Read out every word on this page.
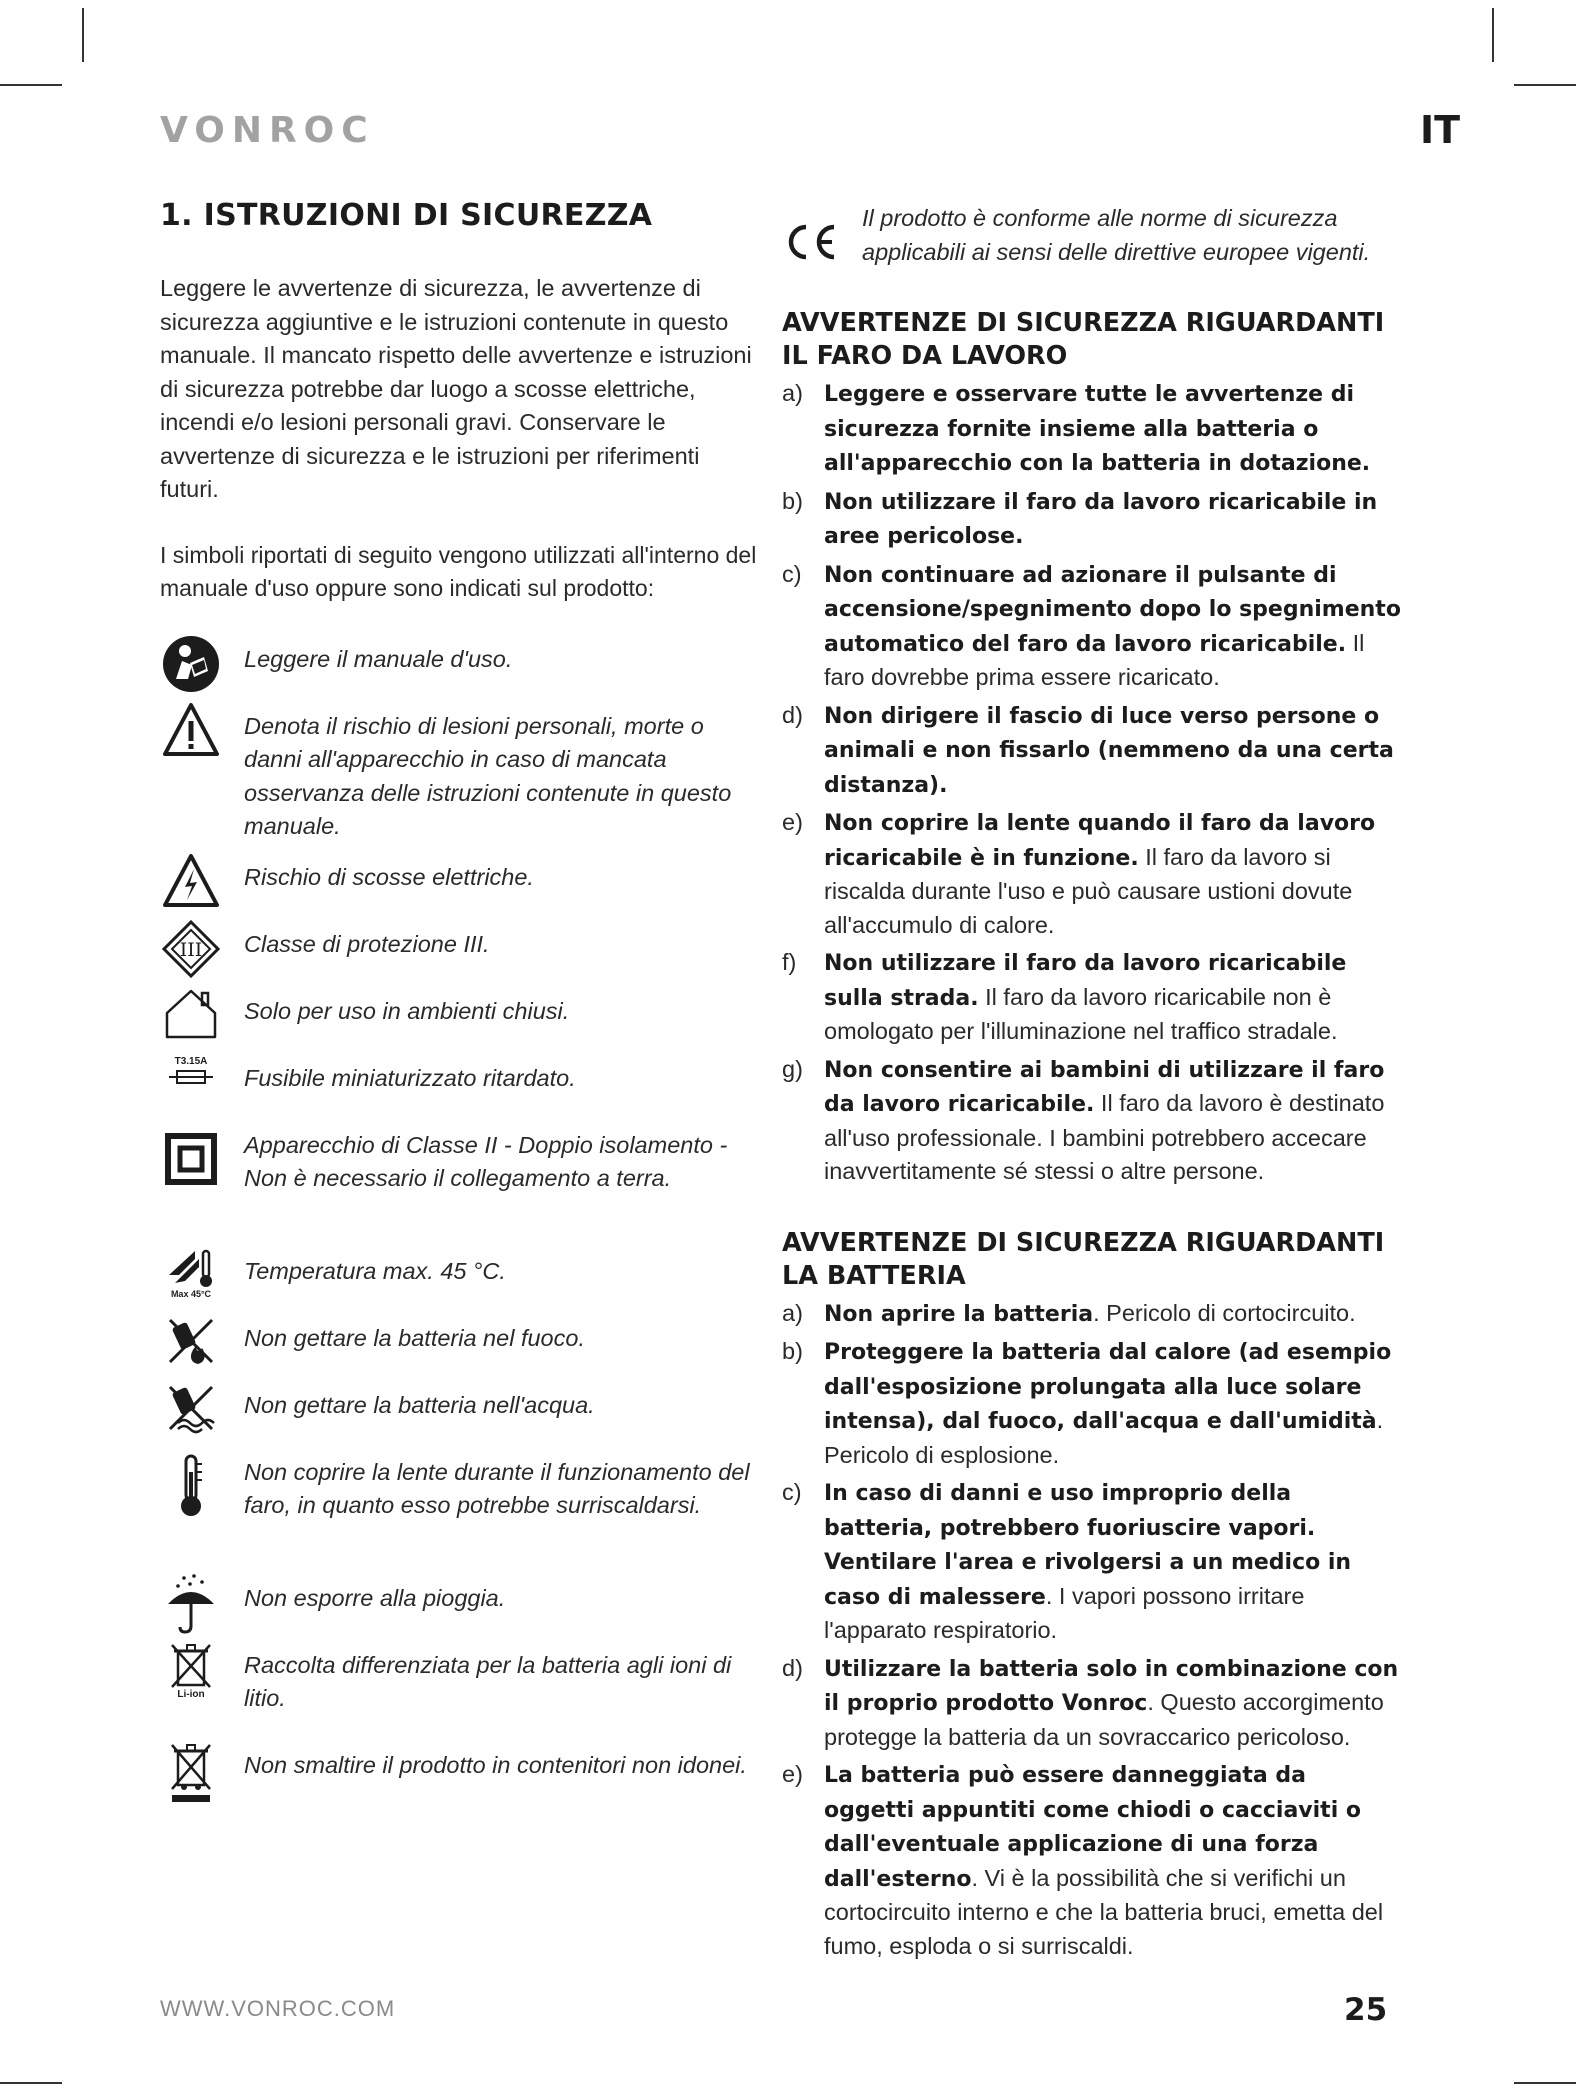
VONROC	IT
1. ISTRUZIONI DI SICUREZZA

Leggere le avvertenze di sicurezza, le avvertenze di sicurezza aggiuntive e le istruzioni contenute in questo manuale. Il mancato rispetto delle avvertenze e istruzioni di sicurezza potrebbe dar luogo a scosse elettriche, incendi e/o lesioni personali gravi. Conservare le avvertenze di sicurezza e le istruzioni per riferimenti futuri.

I simboli riportati di seguito vengono utilizzati all'interno del manuale d'uso oppure sono indicati sul prodotto:

Leggere il manuale d'uso.
Denota il rischio di lesioni personali, morte o danni all'apparecchio in caso di mancata osservanza delle istruzioni contenute in questo manuale.
Rischio di scosse elettriche.
III Classe di protezione III.
Solo per uso in ambienti chiusi.
T3.15A
Fusibile miniaturizzato ritardato.
Apparecchio di Classe II - Doppio isolamento - Non è necessario il collegamento a terra.
Max 45°C
Temperatura max. 45 °C.
Non gettare la batteria nel fuoco.
Non gettare la batteria nell'acqua.
Non coprire la lente durante il funzionamento del faro, in quanto esso potrebbe surriscaldarsi.
Non esporre alla pioggia.
Li-ion
Raccolta differenziata per la batteria agli ioni di litio.
Non smaltire il prodotto in contenitori non idonei.
Il prodotto è conforme alle norme di sicurezza applicabili ai sensi delle direttive europee vigenti.
AVVERTENZE DI SICUREZZA RIGUARDANTI IL FARO DA LAVORO
a) Leggere e osservare tutte le avvertenze di sicurezza fornite insieme alla batteria o all'apparecchio con la batteria in dotazione.
b) Non utilizzare il faro da lavoro ricaricabile in aree pericolose.
c)	Non continuare ad azionare il pulsante di accensione/spegnimento dopo lo spegnimento automatico del faro da lavoro ricaricabile. Il faro dovrebbe prima essere ricaricato.
d) Non dirigere il fascio di luce verso persone o animali e non fissarlo (nemmeno da una certa distanza).
e) Non coprire la lente quando il faro da lavoro ricaricabile è in funzione. Il faro da lavoro si riscalda durante l'uso e può causare ustioni dovute all'accumulo di calore.
f)	Non utilizzare il faro da lavoro ricaricabile sulla strada. Il faro da lavoro ricaricabile non è omologato per l'illuminazione nel traffico stradale.
g) Non consentire ai bambini di utilizzare il faro da lavoro ricaricabile. Il faro da lavoro è destinato all'uso professionale. I bambini potrebbero accecare inavvertitamente sé stessi o altre persone.
AVVERTENZE DI SICUREZZA RIGUARDANTI LA BATTERIA
a) Non aprire la batteria. Pericolo di cortocircuito.
b) Proteggere la batteria dal calore (ad esempio dall'esposizione prolungata alla luce solare intensa), dal fuoco, dall'acqua e dall'umidità. Pericolo di esplosione.
c)	In caso di danni e uso improprio della batteria, potrebbero fuoriuscire vapori. Ventilare l'area e rivolgersi a un medico in caso di malessere. I vapori possono irritare l'apparato respiratorio.
d) Utilizzare la batteria solo in combinazione con il proprio prodotto Vonroc. Questo accorgimento protegge la batteria da un sovraccarico pericoloso.
e) La batteria può essere danneggiata da oggetti appuntiti come chiodi o cacciaviti o dall'eventuale applicazione di una forza dall'esterno. Vi è la possibilità che si verifichi un cortocircuito interno e che la batteria bruci, emetta del fumo, esploda o si surriscaldi.
WWW.VONROC.COM	25
